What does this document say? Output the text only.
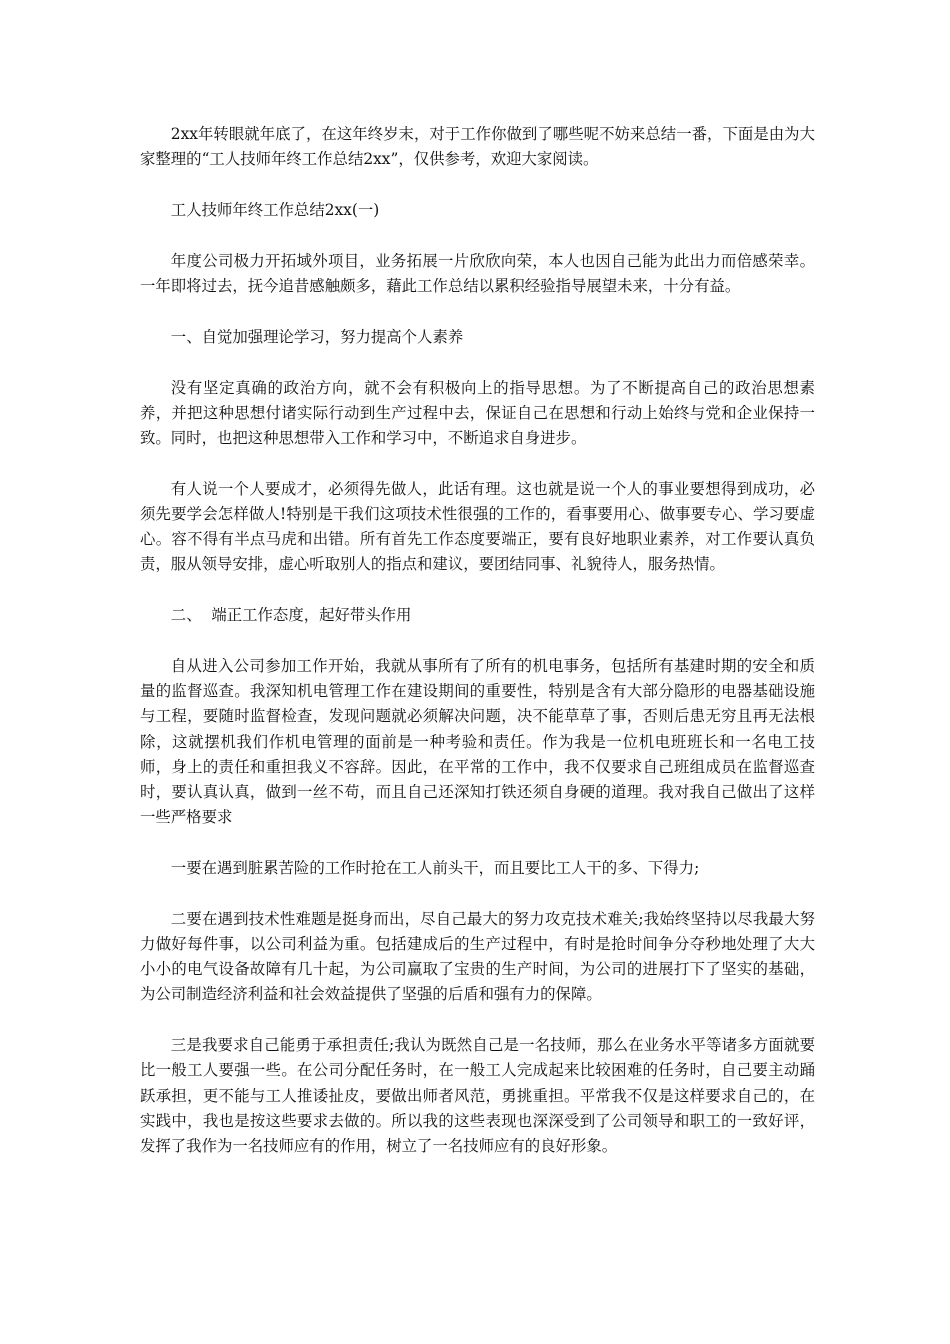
2xx年转眼就年底了，在这年终岁末，对于工作你做到了哪些呢不妨来总结一番，下面是由为大家整理的“工人技师年终工作总结2xx”，仅供参考，欢迎大家阅读。

工人技师年终工作总结2xx(一)

年度公司极力开拓域外项目，业务拓展一片欣欣向荣，本人也因自己能为此出力而倍感荣幸。一年即将过去，抚今追昔感触颇多，藉此工作总结以累积经验指导展望未来，十分有益。

一、自觉加强理论学习，努力提高个人素养

没有坚定真确的政治方向，就不会有积极向上的指导思想。为了不断提高自己的政治思想素养，并把这种思想付诸实际行动到生产过程中去，保证自己在思想和行动上始终与党和企业保持一致。同时，也把这种思想带入工作和学习中，不断追求自身进步。

有人说一个人要成才，必须得先做人，此话有理。这也就是说一个人的事业要想得到成功，必须先要学会怎样做人!特别是干我们这项技术性很强的工作的，看事要用心、做事要专心、学习要虚心。容不得有半点马虎和出错。所有首先工作态度要端正，要有良好地职业素养，对工作要认真负责，服从领导安排，虚心听取别人的指点和建议，要团结同事、礼貌待人，服务热情。

二、  端正工作态度，起好带头作用

自从进入公司参加工作开始，我就从事所有了所有的机电事务，包括所有基建时期的安全和质量的监督巡查。我深知机电管理工作在建设期间的重要性，特别是含有大部分隐形的电器基础设施与工程，要随时监督检查，发现问题就必须解决问题，决不能草草了事，否则后患无穷且再无法根除，这就摆机我们作机电管理的面前是一种考验和责任。作为我是一位机电班班长和一名电工技师，身上的责任和重担我义不容辞。因此，在平常的工作中，我不仅要求自己班组成员在监督巡查时，要认真认真，做到一丝不苟，而且自己还深知打铁还须自身硬的道理。我对我自己做出了这样一些严格要求

一要在遇到脏累苦险的工作时抢在工人前头干，而且要比工人干的多、下得力;

二要在遇到技术性难题是挺身而出，尽自己最大的努力攻克技术难关;我始终坚持以尽我最大努力做好每件事，以公司利益为重。包括建成后的生产过程中，有时是抢时间争分夺秒地处理了大大小小的电气设备故障有几十起，为公司赢取了宝贵的生产时间，为公司的进展打下了坚实的基础，为公司制造经济利益和社会效益提供了坚强的后盾和强有力的保障。

三是我要求自己能勇于承担责任;我认为既然自己是一名技师，那么在业务水平等诸多方面就要比一般工人要强一些。在公司分配任务时，在一般工人完成起来比较困难的任务时，自己要主动踊跃承担，更不能与工人推诿扯皮，要做出师者风范，勇挑重担。平常我不仅是这样要求自己的，在实践中，我也是按这些要求去做的。所以我的这些表现也深深受到了公司领导和职工的一致好评，发挥了我作为一名技师应有的作用，树立了一名技师应有的良好形象。
